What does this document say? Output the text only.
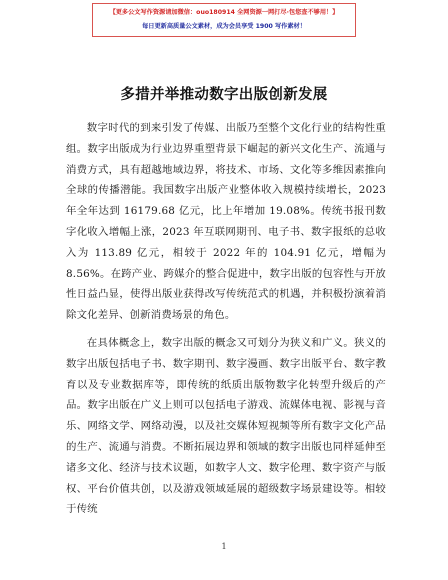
【更多公文写作资源请加微信：ouo180914 全网资源一网打尽·包您查不够用！】
每日更新高质量公文素材，成为会员享受 1900 写作素材！
多措并举推动数字出版创新发展

数字时代的到来引发了传媒、出版乃至整个文化行业的结构性重组。数字出版成为行业边界重塑背景下崛起的新兴文化生产、流通与消费方式，具有超越地域边界，将技术、市场、文化等多维因素推向全球的传播潜能。我国数字出版产业整体收入规模持续增长，2023 年全年达到 16179.68 亿元，比上年增加 19.08%。传统书报刊数字化收入增幅上涨，2023 年互联网期刊、电子书、数字报纸的总收入为 113.89 亿元，相较于 2022 年的 104.91 亿元，增幅为 8.56%。在跨产业、跨媒介的整合促进中，数字出版的包容性与开放性日益凸显，使得出版业获得改写传统范式的机遇，并积极扮演着消除文化差异、创新消费场景的角色。

在具体概念上，数字出版的概念又可划分为狭义和广义。狭义的数字出版包括电子书、数字期刊、数字漫画、数字出版平台、数字教育以及专业数据库等，即传统的纸质出版物数字化转型升级后的产品。数字出版在广义上则可以包括电子游戏、流媒体电视、影视与音乐、网络文学、网络动漫，以及社交媒体短视频等所有数字文化产品的生产、流通与消费。不断拓展边界和领域的数字出版也同样延伸至诸多文化、经济与技术议题，如数字人文、数字伦理、数字资产与版权、平台价值共创，以及游戏领域延展的超级数字场景建设等。相较于传统

1
